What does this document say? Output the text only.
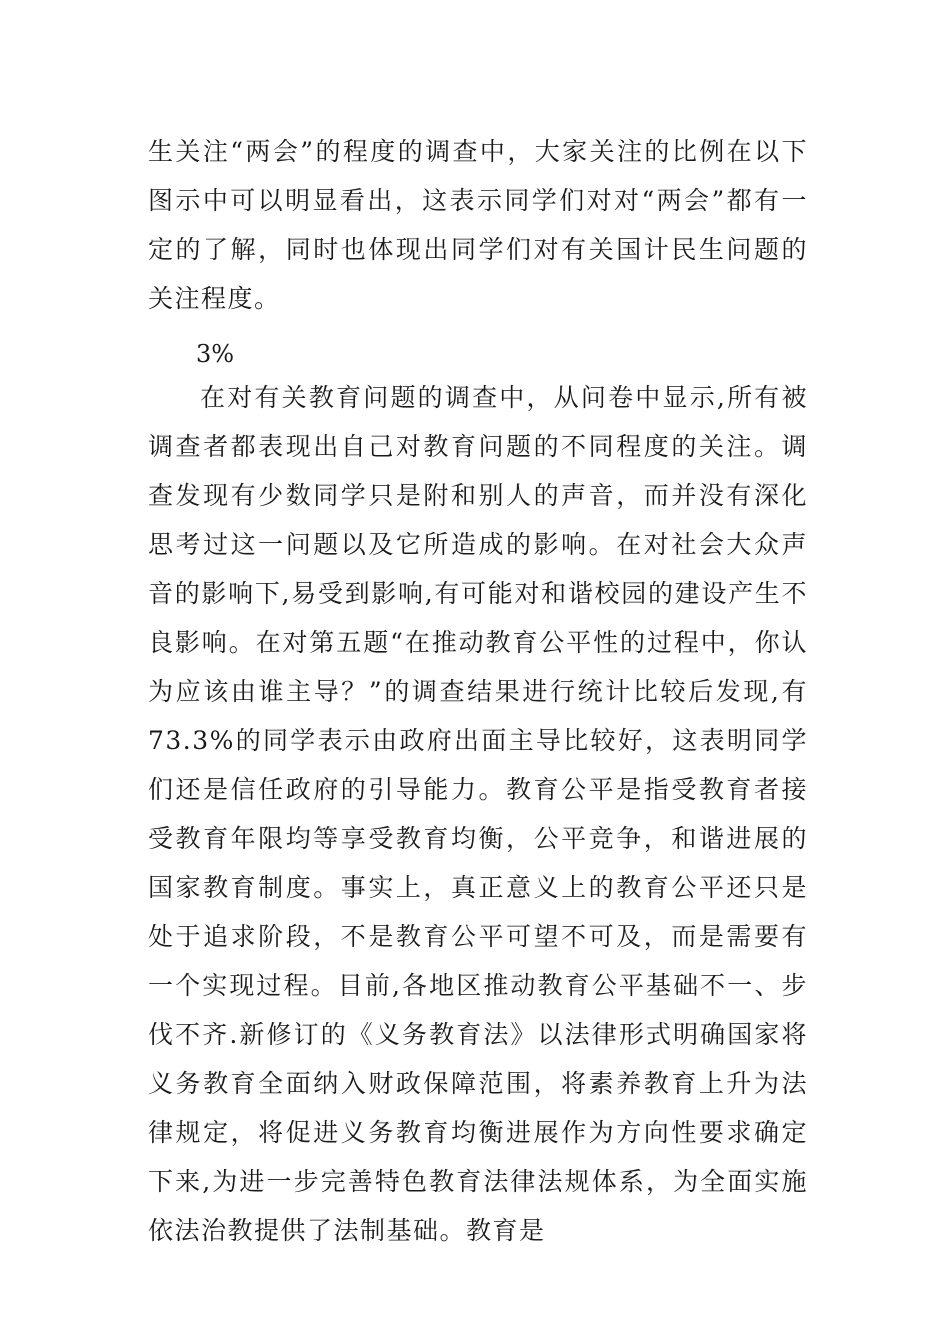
生关注“两会”的程度的调查中，大家关注的比例在以下图示中可以明显看出，这表示同学们对对“两会”都有一定的了解，同时也体现出同学们对有关国计民生问题的关注程度。

3%

在对有关教育问题的调查中，从问卷中显示,所有被调查者都表现出自己对教育问题的不同程度的关注。调查发现有少数同学只是附和别人的声音，而并没有深化思考过这一问题以及它所造成的影响。在对社会大众声音的影响下,易受到影响,有可能对和谐校园的建设产生不良影响。在对第五题“在推动教育公平性的过程中，你认为应该由谁主导？”的调查结果进行统计比较后发现,有73.3%的同学表示由政府出面主导比较好，这表明同学们还是信任政府的引导能力。教育公平是指受教育者接受教育年限均等享受教育均衡，公平竞争，和谐进展的国家教育制度。事实上，真正意义上的教育公平还只是处于追求阶段，不是教育公平可望不可及，而是需要有一个实现过程。目前,各地区推动教育公平基础不一、步伐不齐.新修订的《义务教育法》以法律形式明确国家将义务教育全面纳入财政保障范围，将素养教育上升为法律规定，将促进义务教育均衡进展作为方向性要求确定下来,为进一步完善特色教育法律法规体系，为全面实施依法治教提供了法制基础。教育是
